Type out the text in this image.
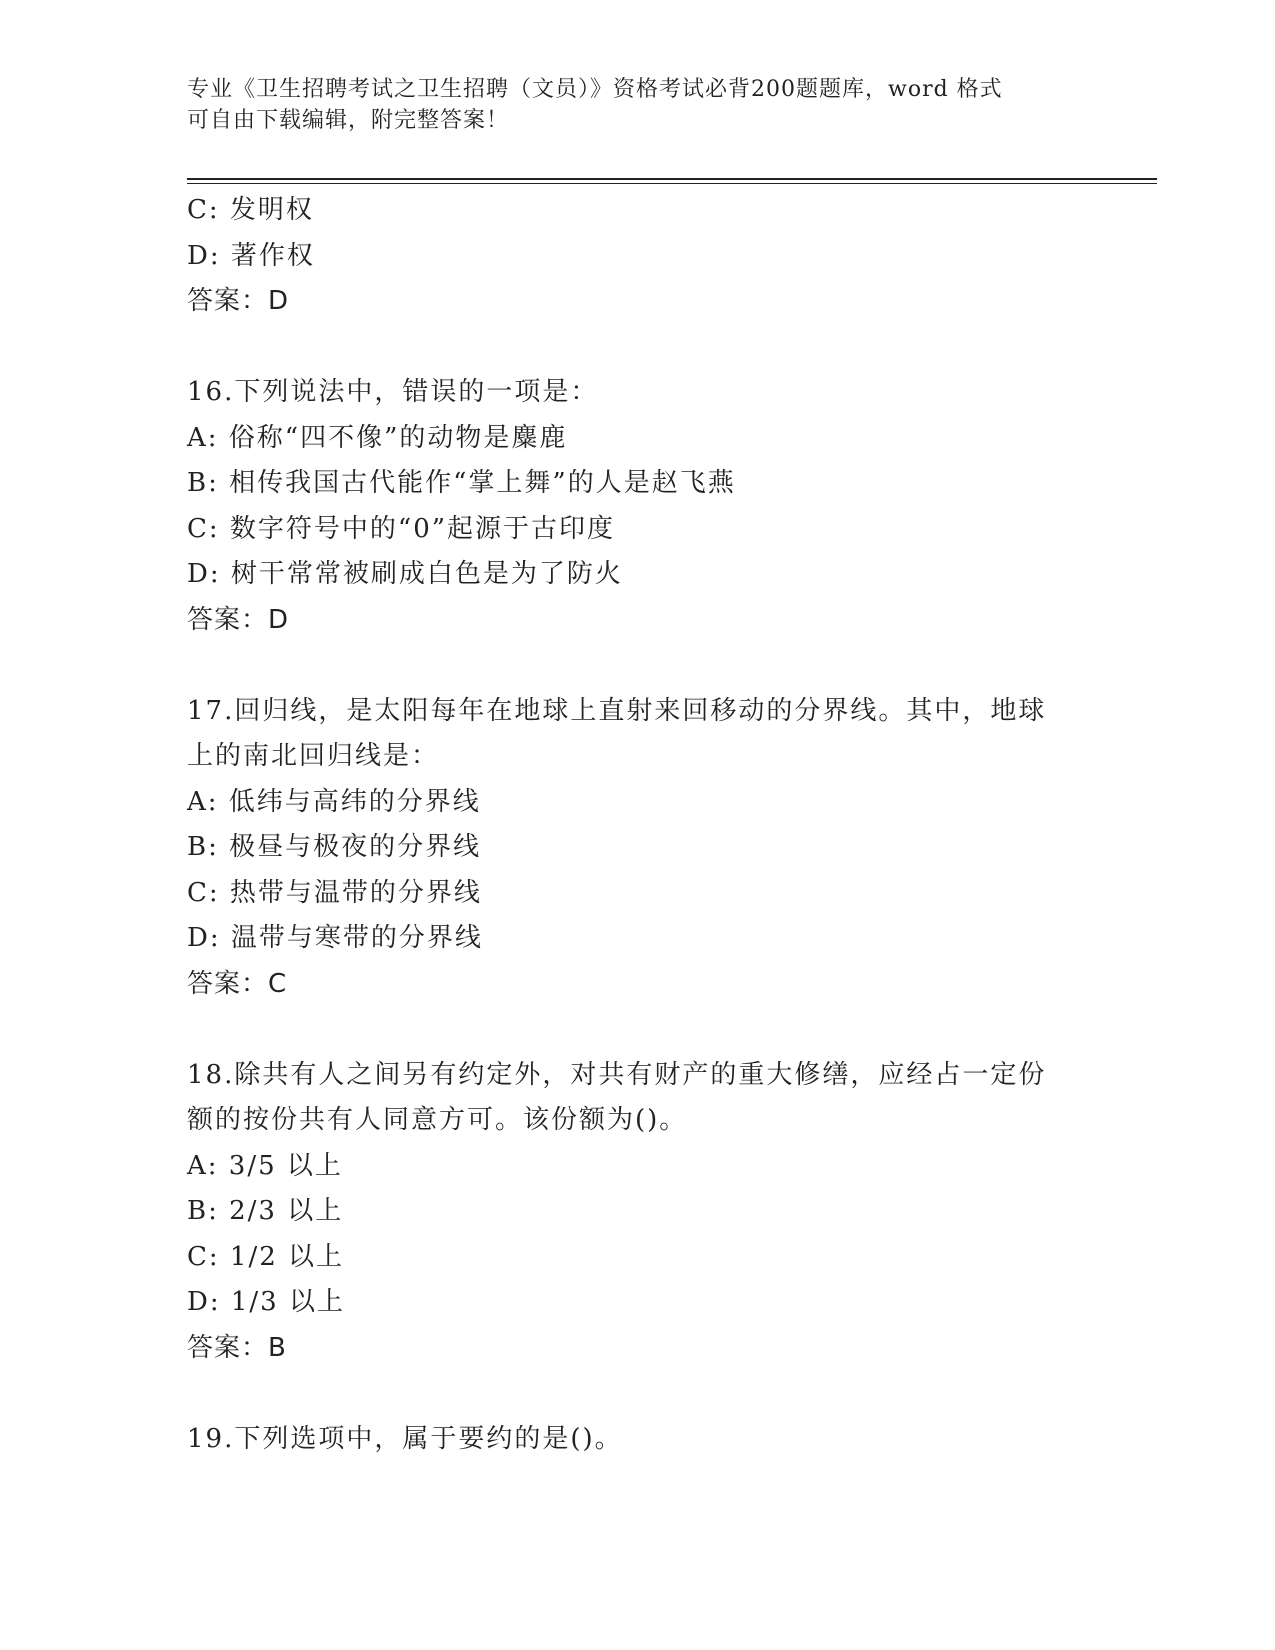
专业《卫生招聘考试之卫生招聘（文员）》资格考试必背200题题库，word 格式
可自由下载编辑，附完整答案！
C: 发明权
D: 著作权
答案：D
16.下列说法中，错误的一项是：
A: 俗称“四不像”的动物是麋鹿
B: 相传我国古代能作“掌上舞”的人是赵飞燕
C: 数字符号中的“0”起源于古印度
D: 树干常常被刷成白色是为了防火
答案：D
17.回归线，是太阳每年在地球上直射来回移动的分界线。其中，地球
上的南北回归线是：
A: 低纬与高纬的分界线
B: 极昼与极夜的分界线
C: 热带与温带的分界线
D: 温带与寒带的分界线
答案：C
18.除共有人之间另有约定外，对共有财产的重大修缮，应经占一定份
额的按份共有人同意方可。该份额为()。
A: 3/5 以上
B: 2/3 以上
C: 1/2 以上
D: 1/3 以上
答案：B
19.下列选项中，属于要约的是()。
